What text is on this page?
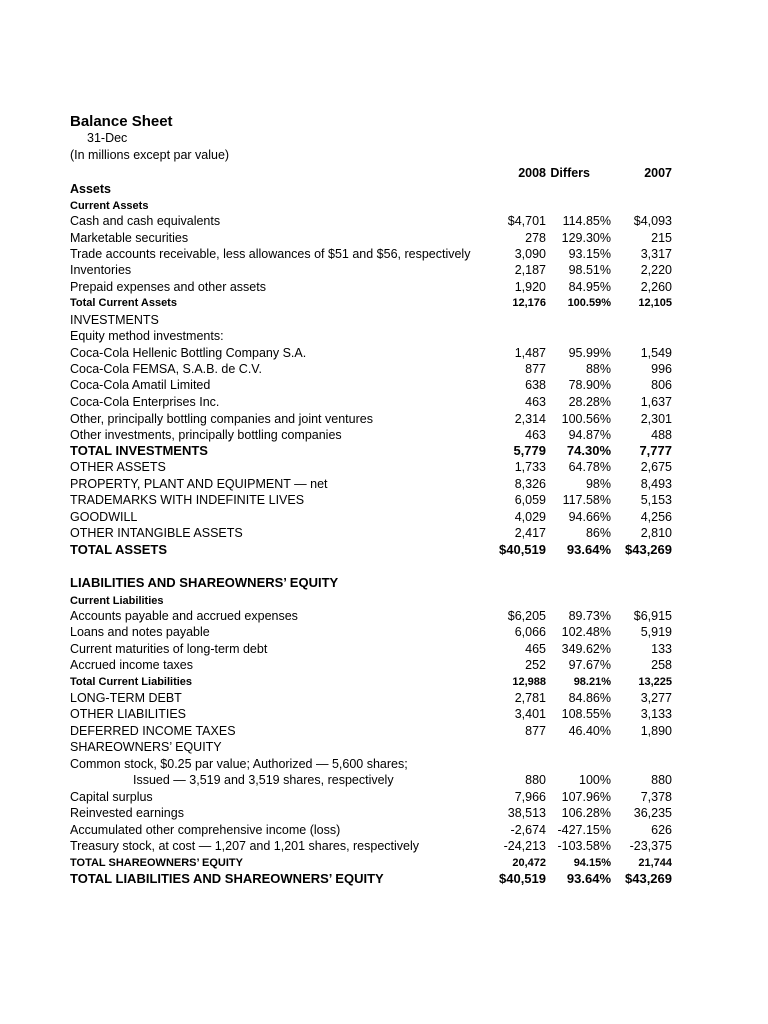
Balance Sheet
31-Dec
(In millions except par value)
2008 Differs	2007
Assets
Current Assets
Cash and cash equivalents	$4,701 114.85% $4,093
Marketable securities	278 129.30%	215
Trade accounts receivable, less allowances of $51 and $56, respectively	3,090 93.15% 3,317
Inventories	2,187 98.51% 2,220
Prepaid expenses and other assets	1,920 84.95% 2,260
Total Current Assets	12,176 100.59% 12,105
INVESTMENTS
Equity method investments:
Coca-Cola Hellenic Bottling Company S.A.	1,487 95.99% 1,549
Coca-Cola FEMSA, S.A.B. de C.V.	877	88%	996
Coca-Cola Amatil Limited	638 78.90%	806
Coca-Cola Enterprises Inc.	463 28.28% 1,637
Other, principally bottling companies and joint ventures	2,314 100.56% 2,301
Other investments, principally bottling companies	463 94.87%	488
TOTAL INVESTMENTS	5,779 74.30% 7,777
OTHER ASSETS	1,733 64.78% 2,675
PROPERTY, PLANT AND EQUIPMENT — net	8,326	98% 8,493
TRADEMARKS WITH INDEFINITE LIVES	6,059 117.58% 5,153
GOODWILL	4,029 94.66% 4,256
OTHER INTANGIBLE ASSETS	2,417	86% 2,810
TOTAL ASSETS	$40,519 93.64% $43,269
LIABILITIES AND SHAREOWNERS’ EQUITY
Current Liabilities
Accounts payable and accrued expenses	$6,205 89.73% $6,915
Loans and notes payable	6,066 102.48% 5,919
Current maturities of long-term debt	465 349.62%	133
Accrued income taxes	252 97.67%	258
Total Current Liabilities	12,988	98.21% 13,225
LONG-TERM DEBT	2,781 84.86% 3,277
OTHER LIABILITIES	3,401 108.55% 3,133
DEFERRED INCOME TAXES	877 46.40% 1,890
SHAREOWNERS’ EQUITY
Common stock, $0.25 par value; Authorized — 5,600 shares;
Issued — 3,519 and 3,519 shares, respectively	880	100%	880
Capital surplus	7,966 107.96% 7,378
Reinvested earnings	38,513 106.28% 36,235
Accumulated other comprehensive income (loss)	-2,674 -427.15%	626
Treasury stock, at cost — 1,207 and 1,201 shares, respectively	-24,213 -103.58% -23,375
TOTAL SHAREOWNERS’ EQUITY	20,472	94.15% 21,744
TOTAL LIABILITIES AND SHAREOWNERS’ EQUITY	$40,519 93.64% $43,269
